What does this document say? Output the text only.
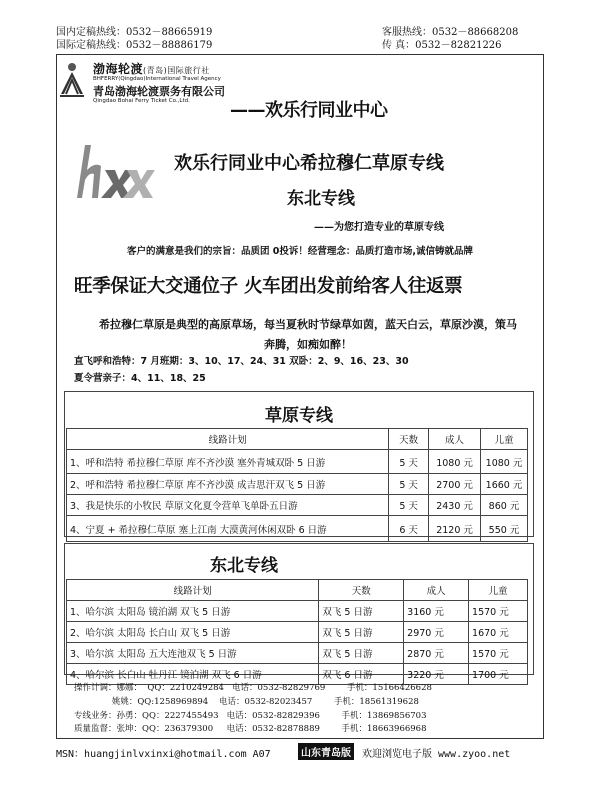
国内定稿热线：0532－88665919
国际定稿热线：0532－88886179
客服热线：0532－88668208
传 真：0532－82821226
渤海轮渡(青岛)国际旅行社
BHFERRY(Qingdao)International Travel Agency
青岛渤海轮渡票务有限公司
Qingdao Bohai Ferry Ticket Co.,Ltd. ——欢乐行同业中心
欢乐行同业中心希拉穆仁草原专线
东北专线
——为您打造专业的草原专线
客户的满意是我们的宗旨：品质团 0投诉！经营理念：品质打造市场,诚信铸就品牌
旺季保证大交通位子 火车团出发前给客人往返票
希拉穆仁草原是典型的高原草场，每当夏秋时节绿草如茵，蓝天白云，草原沙漠，策马奔腾，如痴如醉！
直飞呼和浩特：7 月班期：3、10、17、24、31 双卧：2、9、16、23、30
夏令营亲子：4、11、18、25
草原专线
线路计划	天数	成人	儿童
1、呼和浩特 希拉穆仁草原 库不齐沙漠 塞外青城双卧 5 日游	5 天	1080 元	1080 元
2、呼和浩特 希拉穆仁草原 库不齐沙漠 成吉思汗双飞 5 日游	5 天	2700 元	1660 元
3、我是快乐的小牧民 草原文化夏令营单飞单卧五日游	5 天	2430 元	860 元
4、宁夏 + 希拉穆仁草原 塞上江南 大漠黄河休闲双卧 6 日游	6 天	2120 元	550 元
东北专线
线路计划	天数	成人	儿童
1、哈尔滨 太阳岛 镜泊湖 双飞 5 日游	双飞 5 日游	3160 元	1570 元
2、哈尔滨 太阳岛 长白山 双飞 5 日游	双飞 5 日游	2970 元	1670 元
3、哈尔滨 太阳岛 五大连池双飞 5 日游	双飞 5 日游	2870 元	1570 元
4、哈尔滨 长白山 牡丹江 镜泊湖 双飞 6 日游	双飞 6 日游	3220 元	1700 元
操作计调：娜娜：  QQ：2210249284   电话：0532-82829769        手机：15166426628
姚姚：QQ:1258969894    电话：0532-82023457        手机：18561319628
专线业务：孙勇：QQ：2227455493   电话：0532-82829396        手机：13869856703
质量监督：张坤：QQ：236379300     电话：0532-82878889        手机：18663966968
MSN：huangjinlvxinxi@hotmail.com A07	山东青岛版	欢迎浏览电子版 www.zyoo.net
